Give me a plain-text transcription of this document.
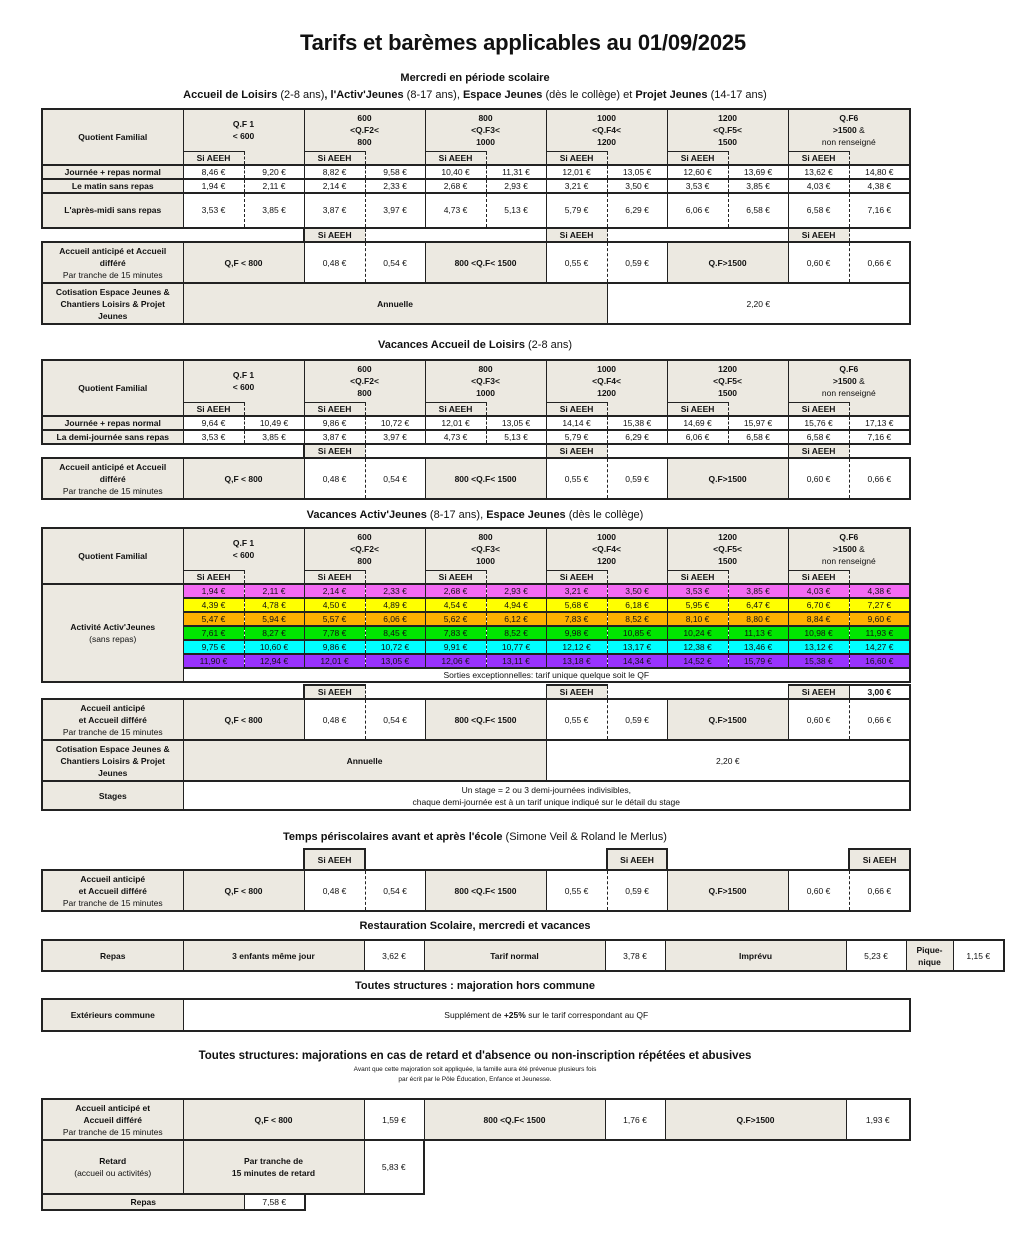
Tarifs et barèmes applicables au 01/09/2025
Mercredi en période scolaire
Accueil de Loisirs (2-8 ans), l'Activ'Jeunes (8-17 ans), Espace Jeunes (dès le collège) et Projet Jeunes (14-17 ans)
Quotient Familial	Q.F 1
< 600		600
<Q.F2<
800		800
<Q.F3<
1000		1000
<Q.F4<
1200		1200
<Q.F5<
1500		Q.F6
>1500 &
non renseigné	

	Si AEEH		Si AEEH		Si AEEH		Si AEEH		Si AEEH		Si AEEH	
Journée + repas normal	8,46 €	9,20 €	8,82 €	9,58 €	10,40 €	11,31 €	12,01 €	13,05 €	12,60 €	13,69 €	13,62 €	14,80 €
Le matin sans repas	1,94 €	2,11 €	2,14 €	2,33 €	2,68 €	2,93 €	3,21 €	3,50 €	3,53 €	3,85 €	4,03 €	4,38 €
L'après-midi sans repas	3,53 €	3,85 €	3,87 €	3,97 €	4,73 €	5,13 €	5,79 €	6,29 €	6,06 €	6,58 €	6,58 €	7,16 €
		Si AEEH			Si AEEH			Si AEEH	

Accueil anticipé et Accueil
différé
Par tranche de 15 minutes	Q,F < 800	0,48 €	0,54 €	800 <Q.F< 1500	0,55 €	0,59 €	Q.F>1500	0,60 €	0,66 €

Cotisation Espace Jeunes &
Chantiers Loisirs & Projet
Jeunes	Annuelle					2,20 €			
Vacances Accueil de Loisirs (2-8 ans)
Quotient Familial	Q.F 1
< 600		600
<Q.F2<
800		800
<Q.F3<
1000		1000
<Q.F4<
1200		1200
<Q.F5<
1500		Q.F6
>1500 &
non renseigné	

	Si AEEH		Si AEEH		Si AEEH		Si AEEH		Si AEEH		Si AEEH	
Journée + repas normal	9,64 €	10,49 €	9,86 €	10,72 €	12,01 €	13,05 €	14,14 €	15,38 €	14,69 €	15,97 €	15,76 €	17,13 €
La demi-journée sans repas	3,53 €	3,85 €	3,87 €	3,97 €	4,73 €	5,13 €	5,79 €	6,29 €	6,06 €	6,58 €	6,58 €	7,16 €
		Si AEEH			Si AEEH			Si AEEH	

Accueil anticipé et Accueil
différé
Par tranche de 15 minutes	Q,F < 800	0,48 €	0,54 €	800 <Q.F< 1500	0,55 €	0,59 €	Q.F>1500	0,60 €	0,66 €
Vacances Activ'Jeunes (8-17 ans), Espace Jeunes (dès le collège)
Quotient Familial	Q.F 1
< 600		600
<Q.F2<
800		800
<Q.F3<
1000		1000
<Q.F4<
1200		1200
<Q.F5<
1500		Q.F6
>1500 &
non renseigné	

	Si AEEH		Si AEEH		Si AEEH		Si AEEH		Si AEEH		Si AEEH	

Activité Activ'Jeunes
(sans repas)	1,94 €	2,11 €	2,14 €	2,33 €	2,68 €	2,93 €	3,21 €	3,50 €	3,53 €	3,85 €	4,03 €	4,38 €
	4,39 €	4,78 €	4,50 €	4,89 €	4,54 €	4,94 €	5,68 €	6,18 €	5,95 €	6,47 €	6,70 €	7,27 €
	5,47 €	5,94 €	5,57 €	6,06 €	5,62 €	6,12 €	7,83 €	8,52 €	8,10 €	8,80 €	8,84 €	9,60 €
	7,61 €	8,27 €	7,78 €	8,45 €	7,83 €	8,52 €	9,98 €	10,85 €	10,24 €	11,13 €	10,98 €	11,93 €
	9,75 €	10,60 €	9,86 €	10,72 €	9,91 €	10,77 €	12,12 €	13,17 €	12,38 €	13,46 €	13,12 €	14,27 €
	11,90 €	12,94 €	12,01 €	13,05 €	12,06 €	13,11 €	13,18 €	14,34 €	14,52 €	15,79 €	15,38 €	16,60 €
	Sorties exceptionnelles: tarif unique quelque soit le QF											
		Si AEEH			Si AEEH			Si AEEH	3,00 €

Accueil anticipé
et Accueil différé
Par tranche de 15 minutes	Q,F < 800	0,48 €	0,54 €	800 <Q.F< 1500	0,55 €	0,59 €	Q.F>1500	0,60 €	0,66 €

Cotisation Espace Jeunes &
Chantiers Loisirs & Projet
Jeunes	Annuelle				2,20 €				
Stages	Un stage = 2 ou 3 demi-journées indivisibles,
chaque demi-journée est à un tarif unique indiqué sur le détail du stage								
Temps périscolaires avant et après l'école (Simone Veil & Roland le Merlus)
		Si AEEH				Si AEEH			Si AEEH	

Accueil anticipé
et Accueil différé
Par tranche de 15 minutes	Q,F < 800	0,48 €	0,54 €	800 <Q.F< 1500	0,55 €	0,59 €	Q.F>1500	0,60 €	0,66 €	
Restauration Scolaire, mercredi et vacances
Repas	3 enfants même jour	3,62 €	Tarif normal	3,78 €	Imprévu	5,23 €	
Pique-
nique
	1,15 €
Toutes structures : majoration hors commune
Extérieurs commune	Supplément de +25% sur le tarif correspondant au QF
Toutes structures: majorations en cas de retard et d'absence ou non-inscription répétées et abusives
Avant que cette majoration soit appliquée, la famille aura été prévenue plusieurs fois
par écrit par le Pôle Éducation, Enfance et Jeunesse.
Accueil anticipé et
Accueil différé
Par tranche de 15 minutes	Q,F < 800	1,59 €	800 <Q.F< 1500	1,76 €	Q.F>1500	1,93 €

Retard
(accueil ou activités)	Par tranche de
15 minutes de retard	5,83 €				
Repas	7,58 €
